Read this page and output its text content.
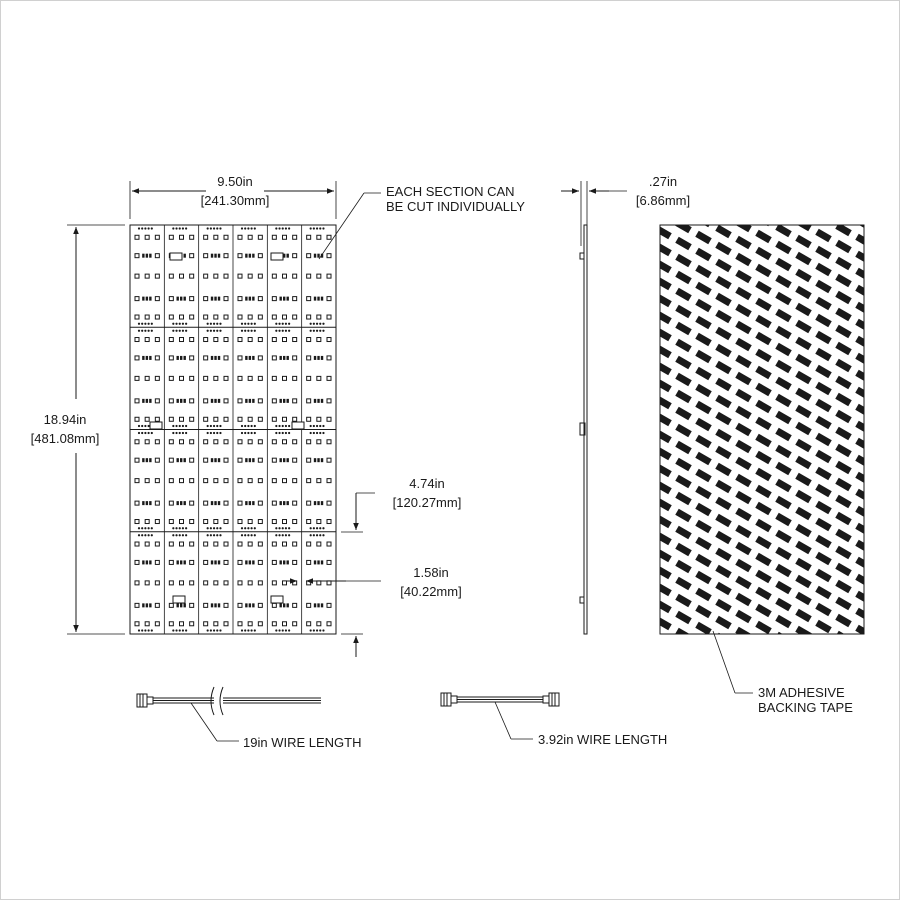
9.50in
[241.30mm]
18.94in
[481.08mm]
EACH SECTION CAN
BE CUT INDIVIDUALLY
4.74in
[120.27mm]
1.58in
[40.22mm]
.27in
[6.86mm]
3M ADHESIVE
BACKING TAPE
19in WIRE LENGTH	3.92in WIRE LENGTH
